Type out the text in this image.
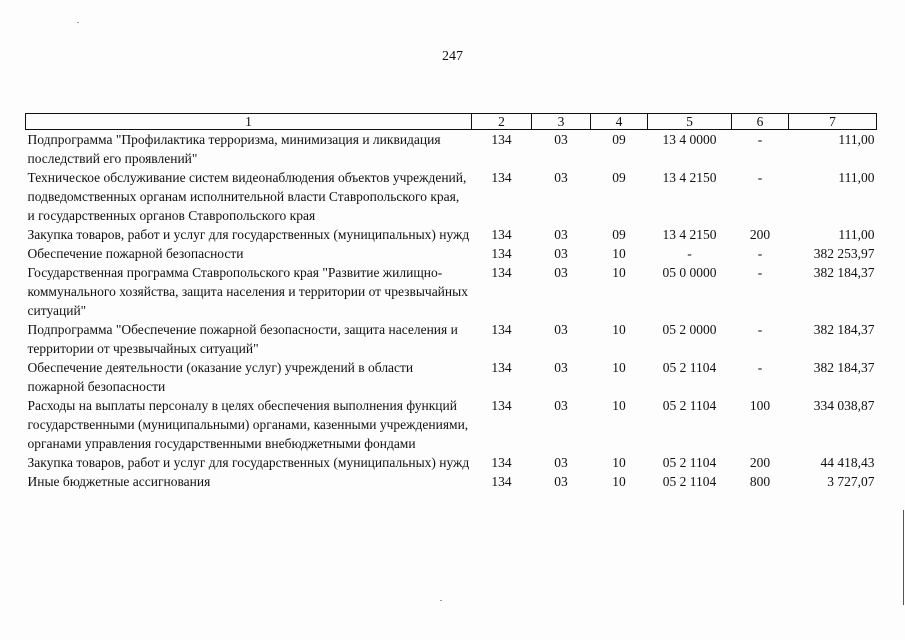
247
1	2	3	4	5	6	7
Подпрограмма "Профилактика терроризма, минимизация и ликвидация последствий его проявлений"	134	03	09	13 4 0000	-	111,00
Техническое обслуживание систем видеонаблюдения объектов учреждений, подведомственных органам исполнительной власти Ставропольского края, и государственных органов Ставропольского края	134	03	09	13 4 2150	-	111,00
Закупка товаров, работ и услуг для государственных (муниципальных) нужд	134	03	09	13 4 2150	200	111,00
Обеспечение пожарной безопасности	134	03	10	-	-	382 253,97
Государственная программа Ставропольского края "Развитие жилищно-коммунального хозяйства, защита населения и территории от чрезвычайных ситуаций"	134	03	10	05 0 0000	-	382 184,37
Подпрограмма "Обеспечение пожарной безопасности, защита населения и территории от чрезвычайных ситуаций"	134	03	10	05 2 0000	-	382 184,37
Обеспечение деятельности (оказание услуг) учреждений в области пожарной безопасности	134	03	10	05 2 1104	-	382 184,37
Расходы на выплаты персоналу в целях обеспечения выполнения функций государственными (муниципальными) органами, казенными учреждениями, органами управления государственными внебюджетными фондами	134	03	10	05 2 1104	100	334 038,87
Закупка товаров, работ и услуг для государственных (муниципальных) нужд	134	03	10	05 2 1104	200	44 418,43
Иные бюджетные ассигнования	134	03	10	05 2 1104	800	3 727,07
